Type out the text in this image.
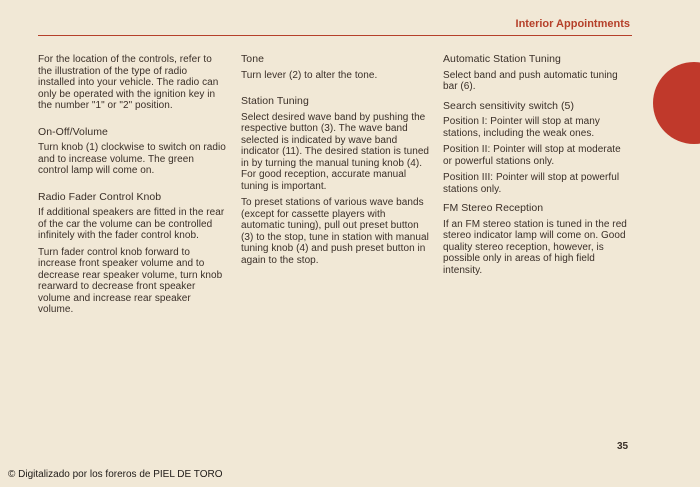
Interior Appointments

For the location of the controls, refer to the illustration of the type of radio installed into your vehicle. The radio can only be operated with the ignition key in the number "1" or "2" position.

On-Off/Volume

Turn knob (1) clockwise to switch on radio and to increase volume. The green control lamp will come on.

Radio Fader Control Knob

If additional speakers are fitted in the rear of the car the volume can be controlled infinitely with the fader control knob.

Turn fader control knob forward to increase front speaker volume and to decrease rear speaker volume, turn knob rearward to decrease front speaker volume and increase rear speaker volume.

Tone

Turn lever (2) to alter the tone.

Station Tuning

Select desired wave band by pushing the respective button (3). The wave band selected is indicated by wave band indicator (11). The desired station is tuned in by turning the manual tuning knob (4). For good reception, accurate manual tuning is important.

To preset stations of various wave bands (except for cassette players with automatic tuning), pull out preset button (3) to the stop, tune in station with manual tuning knob (4) and push preset button in again to the stop.

Automatic Station Tuning

Select band and push automatic tuning bar (6).

Search sensitivity switch (5)

Position I: Pointer will stop at many stations, including the weak ones.

Position II: Pointer will stop at moderate or powerful stations only.

Position III: Pointer will stop at powerful stations only.

FM Stereo Reception

If an FM stereo station is tuned in the red stereo indicator lamp will come on. Good quality stereo reception, however, is possible only in areas of high field intensity.

35
© Digitalizado por los foreros de PIEL DE TORO
